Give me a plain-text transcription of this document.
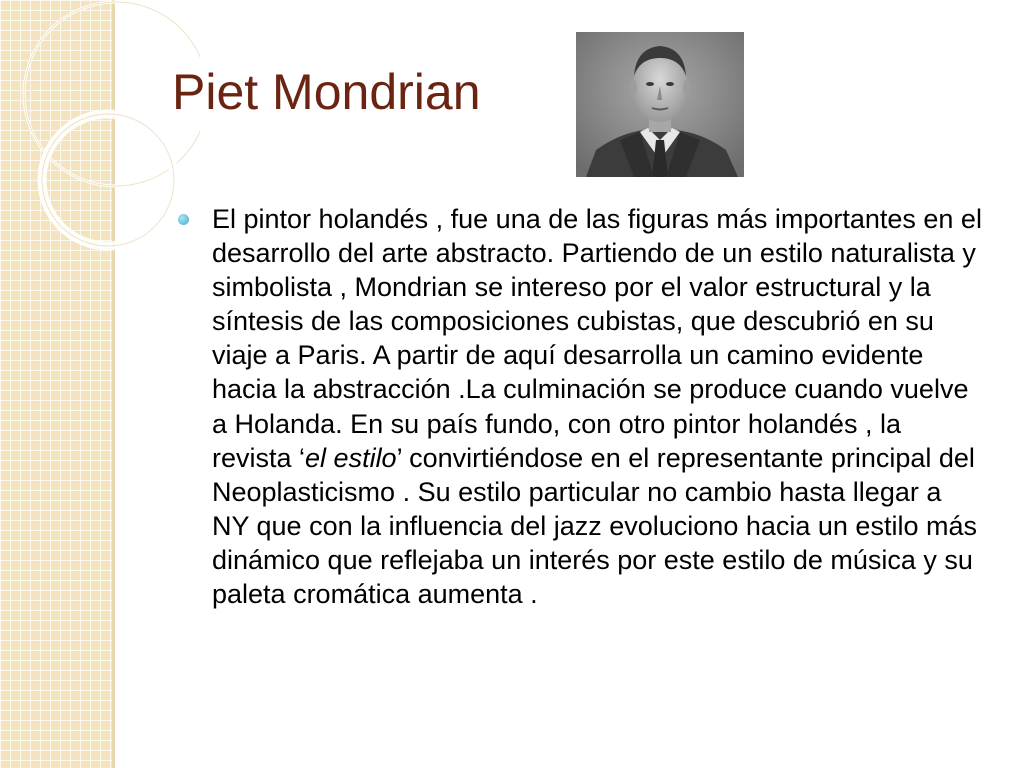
Piet Mondrian

El pintor holandés , fue una de las figuras más importantes en el desarrollo del arte abstracto. Partiendo de un estilo naturalista y simbolista , Mondrian se intereso por el valor estructural y la síntesis de las composiciones cubistas, que descubrió en su viaje a Paris. A partir de aquí desarrolla un camino evidente hacia la abstracción .La culminación se produce cuando vuelve a Holanda. En su país fundo, con otro pintor holandés , la revista ‘el estilo’ convirtiéndose en el representante principal del Neoplasticismo . Su estilo particular no cambio hasta llegar a NY que con la influencia del jazz evoluciono hacia un estilo más dinámico que reflejaba un interés por este estilo de música y su paleta cromática aumenta .
